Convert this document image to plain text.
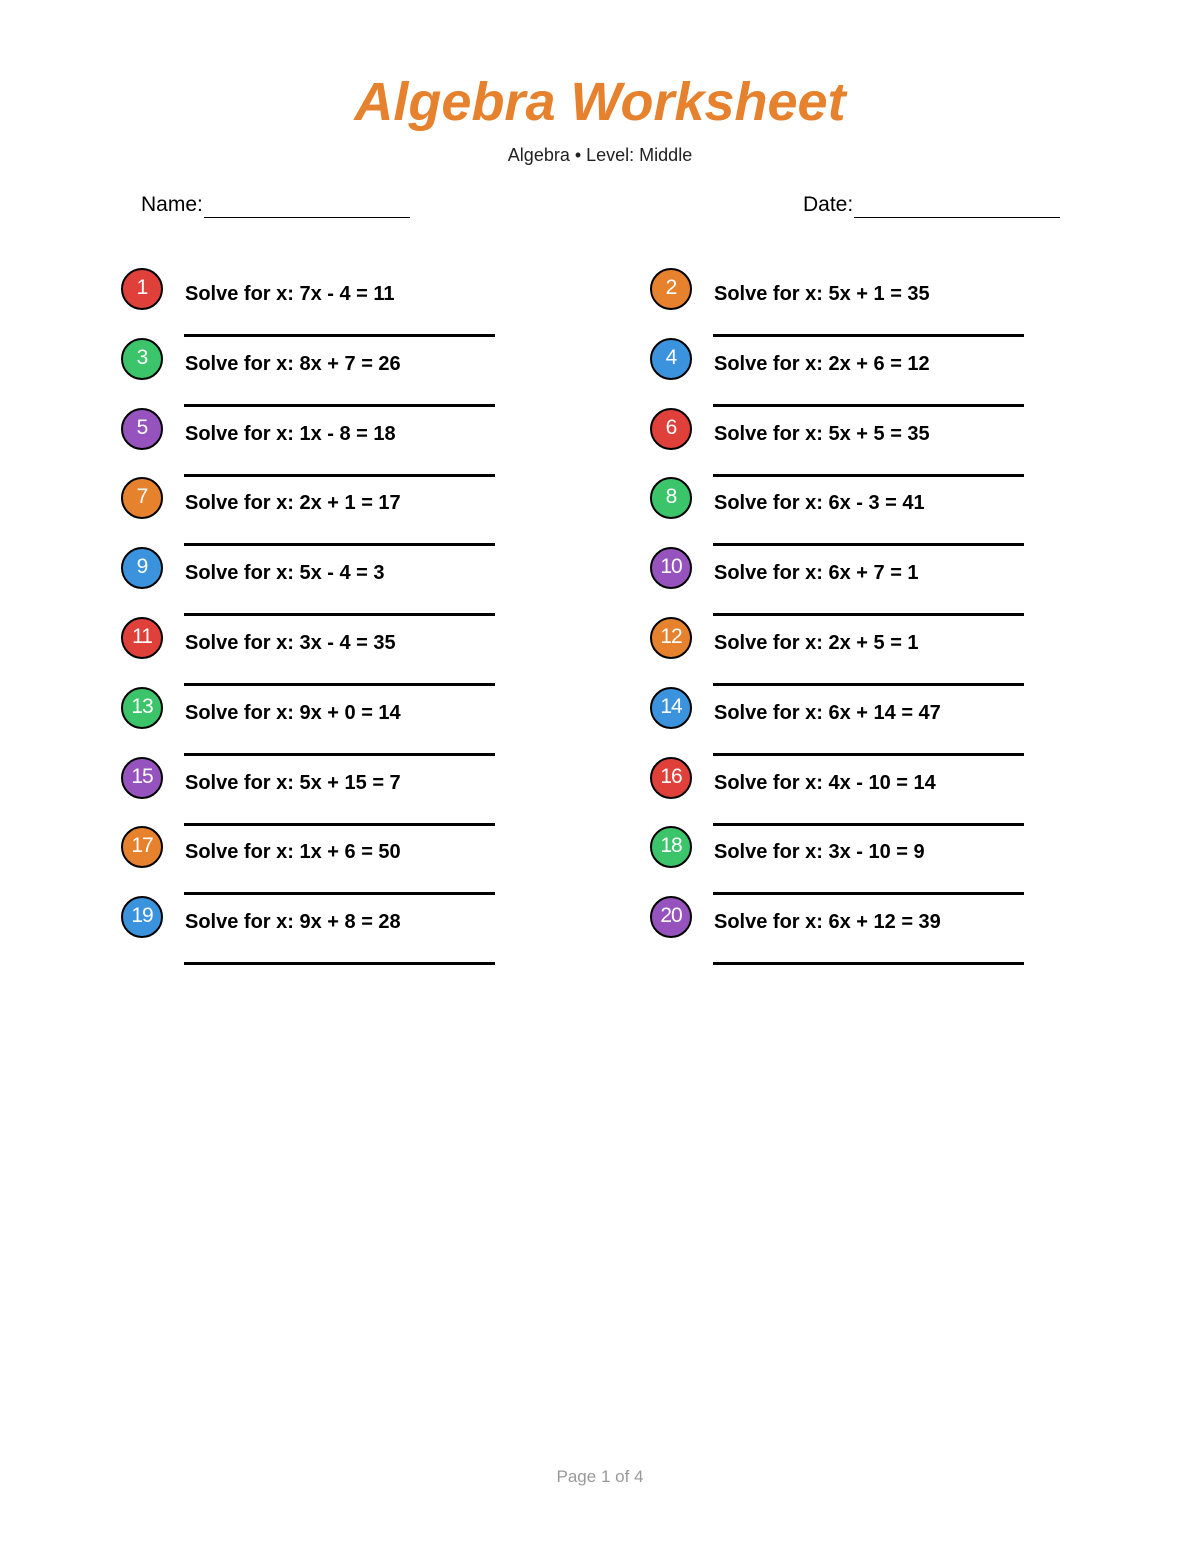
Algebra Worksheet
Algebra • Level: Middle
Name:	Date:
1	Solve for x: 7x - 4 = 11	2	Solve for x: 5x + 1 = 35
3	Solve for x: 8x + 7 = 26	4	Solve for x: 2x + 6 = 12
5	Solve for x: 1x - 8 = 18	6	Solve for x: 5x + 5 = 35
7	Solve for x: 2x + 1 = 17	8	Solve for x: 6x - 3 = 41
9	Solve for x: 5x - 4 = 3	10	Solve for x: 6x + 7 = 1
11	Solve for x: 3x - 4 = 35	12	Solve for x: 2x + 5 = 1
13	Solve for x: 9x + 0 = 14	14	Solve for x: 6x + 14 = 47
15	Solve for x: 5x + 15 = 7	16	Solve for x: 4x - 10 = 14
17	Solve for x: 1x + 6 = 50	18	Solve for x: 3x - 10 = 9
19	Solve for x: 9x + 8 = 28	20	Solve for x: 6x + 12 = 39
Page 1 of 4
